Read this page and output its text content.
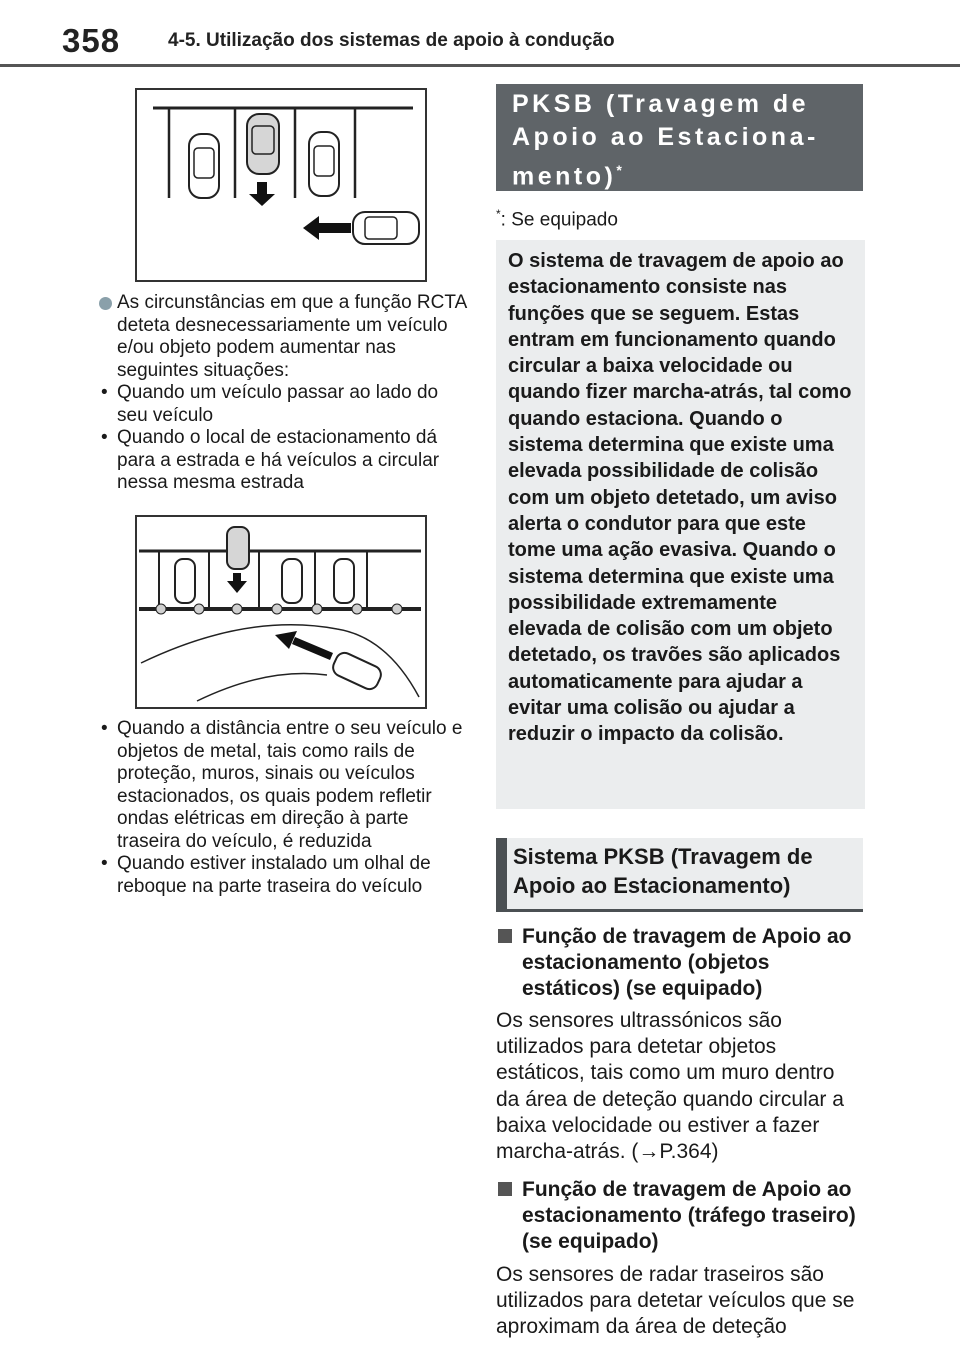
358	4-5. Utilização dos sistemas de apoio à condução
As circunstâncias em que a função RCTA deteta desnecessariamente um veículo e/ou objeto podem aumentar nas seguintes situações:
• Quando um veículo passar ao lado do seu veículo
• Quando o local de estacionamento dá para a estrada e há veículos a circular nessa mesma estrada
• Quando a distância entre o seu veículo e objetos de metal, tais como rails de proteção, muros, sinais ou veículos estacionados, os quais podem refletir ondas elétricas em direção à parte traseira do veículo, é reduzida
• Quando estiver instalado um olhal de reboque na parte traseira do veículo
PKSB (Travagem de Apoio ao Estaciona-mento)*
*: Se equipado
O sistema de travagem de apoio ao estacionamento consiste nas funções que se seguem. Estas entram em funcionamento quando circular a baixa velocidade ou quando fizer marcha-atrás, tal como quando estaciona. Quando o sistema determina que existe uma elevada possibilidade de colisão com um objeto detetado, um aviso alerta o condutor para que este tome uma ação evasiva. Quando o sistema determina que existe uma possibilidade extremamente elevada de colisão com um objeto detetado, os travões são aplicados automaticamente para ajudar a evitar uma colisão ou ajudar a reduzir o impacto da colisão.
Sistema PKSB (Travagem de Apoio ao Estacionamento)
Função de travagem de Apoio ao estacionamento (objetos estáticos) (se equipado)
Os sensores ultrassónicos são utilizados para detetar objetos estáticos, tais como um muro dentro da área de deteção quando circular a baixa velocidade ou estiver a fazer marcha-atrás. (→P.364)
Função de travagem de Apoio ao estacionamento (tráfego traseiro) (se equipado)
Os sensores de radar traseiros são utilizados para detetar veículos que se aproximam da área de deteção
